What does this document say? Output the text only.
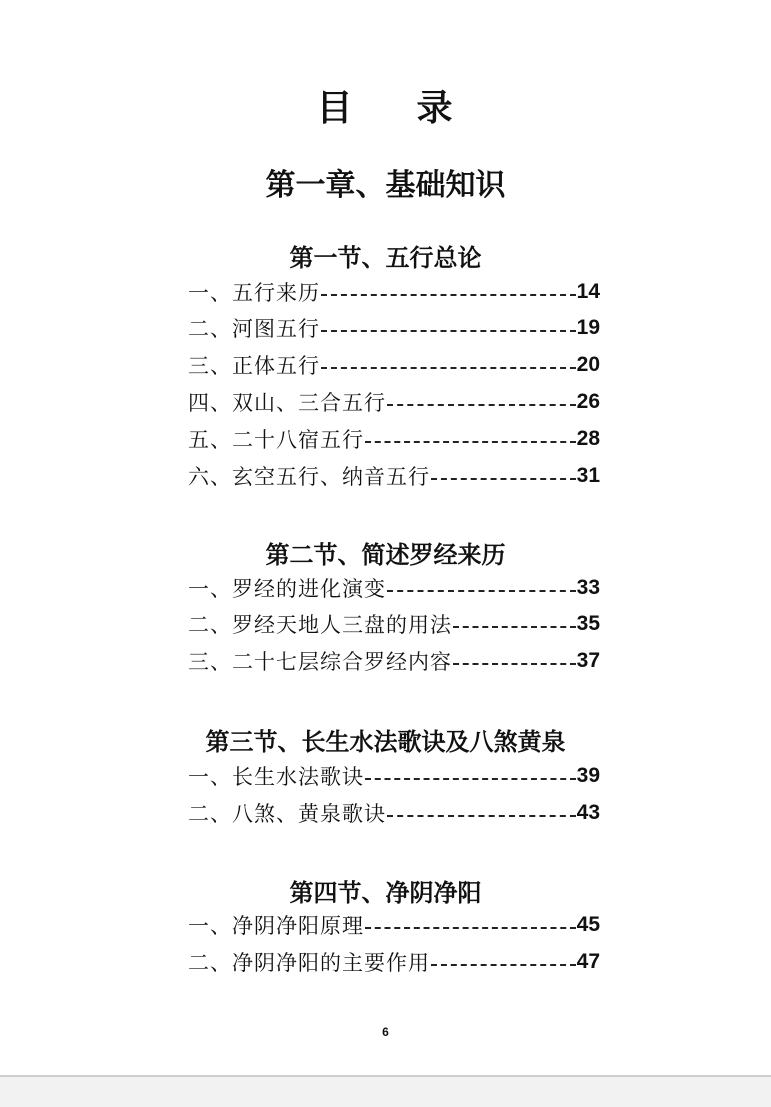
目 录
第一章、基础知识
第一节、五行总论
一、五行来历	14
二、河图五行	19
三、正体五行	20
四、双山、三合五行	26
五、二十八宿五行	28
六、玄空五行、纳音五行	31
第二节、简述罗经来历
一、罗经的进化演变	33
二、罗经天地人三盘的用法	35
三、二十七层综合罗经内容	37
第三节、长生水法歌诀及八煞黄泉
一、长生水法歌诀	39
二、八煞、黄泉歌诀	43
第四节、净阴净阳
一、净阴净阳原理	45
二、净阴净阳的主要作用	47
6
